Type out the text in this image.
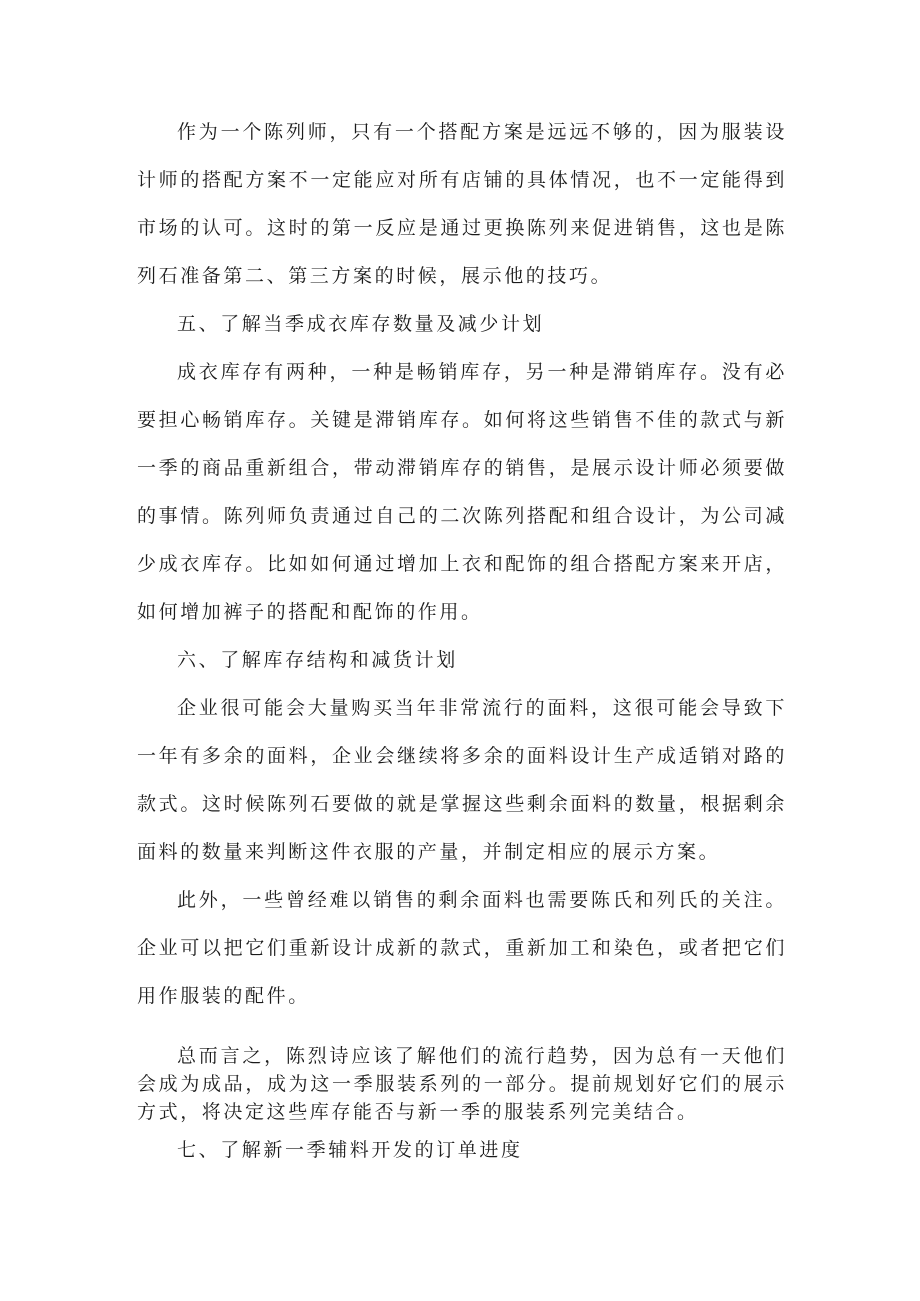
作为一个陈列师，只有一个搭配方案是远远不够的，因为服装设计师的搭配方案不一定能应对所有店铺的具体情况，也不一定能得到市场的认可。这时的第一反应是通过更换陈列来促进销售，这也是陈列石准备第二、第三方案的时候，展示他的技巧。

五、了解当季成衣库存数量及减少计划

成衣库存有两种，一种是畅销库存，另一种是滞销库存。没有必要担心畅销库存。关键是滞销库存。如何将这些销售不佳的款式与新一季的商品重新组合，带动滞销库存的销售，是展示设计师必须要做的事情。陈列师负责通过自己的二次陈列搭配和组合设计，为公司减少成衣库存。比如如何通过增加上衣和配饰的组合搭配方案来开店，如何增加裤子的搭配和配饰的作用。

六、了解库存结构和减货计划

企业很可能会大量购买当年非常流行的面料，这很可能会导致下一年有多余的面料，企业会继续将多余的面料设计生产成适销对路的款式。这时候陈列石要做的就是掌握这些剩余面料的数量，根据剩余面料的数量来判断这件衣服的产量，并制定相应的展示方案。

此外，一些曾经难以销售的剩余面料也需要陈氏和列氏的关注。企业可以把它们重新设计成新的款式，重新加工和染色，或者把它们用作服装的配件。

总而言之，陈烈诗应该了解他们的流行趋势，因为总有一天他们会成为成品，成为这一季服装系列的一部分。提前规划好它们的展示方式，将决定这些库存能否与新一季的服装系列完美结合。

七、了解新一季辅料开发的订单进度
